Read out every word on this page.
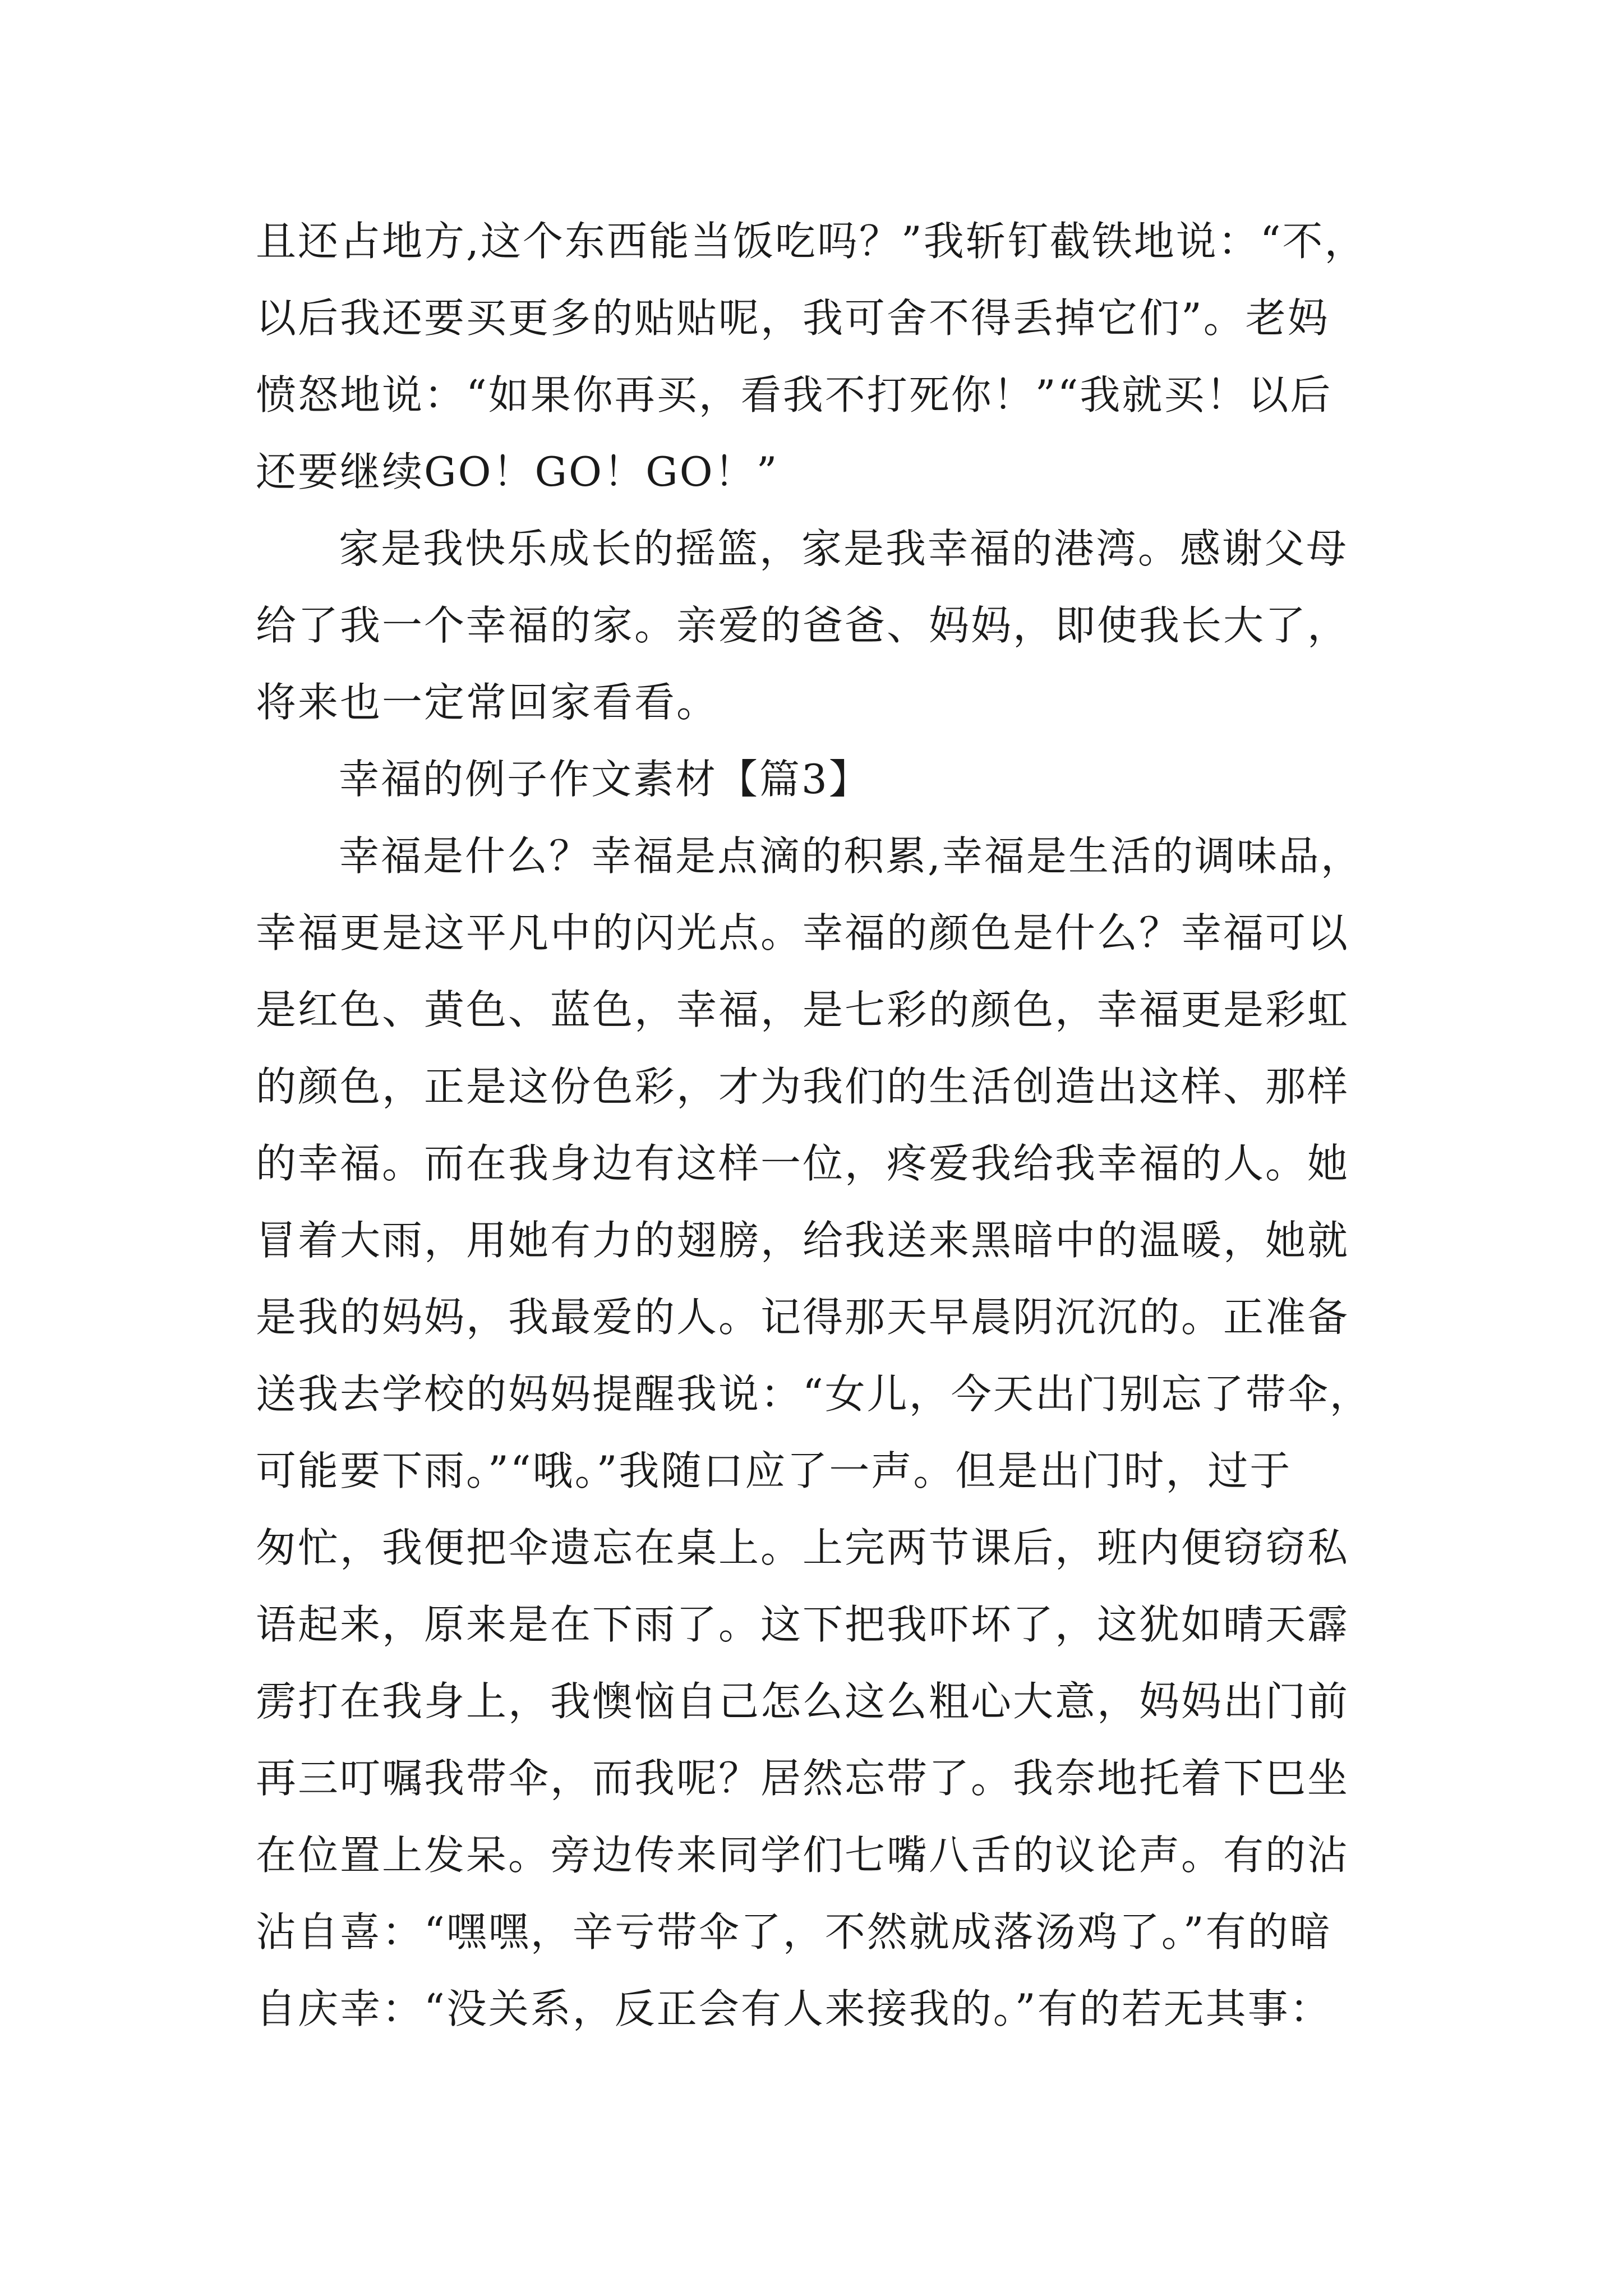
且还占地方,这个东西能当饭吃吗？”我斩钉截铁地说：“不，
以后我还要买更多的贴贴呢，我可舍不得丢掉它们”。老妈
愤怒地说：“如果你再买，看我不打死你！”“我就买！以后
还要继续GO！GO！GO！”
家是我快乐成长的摇篮，家是我幸福的港湾。感谢父母
给了我一个幸福的家。亲爱的爸爸、妈妈，即使我长大了，
将来也一定常回家看看。
幸福的例子作文素材【篇3】
幸福是什么？幸福是点滴的积累,幸福是生活的调味品，
幸福更是这平凡中的闪光点。幸福的颜色是什么？幸福可以
是红色、黄色、蓝色，幸福，是七彩的颜色，幸福更是彩虹
的颜色，正是这份色彩，才为我们的生活创造出这样、那样
的幸福。而在我身边有这样一位，疼爱我给我幸福的人。她
冒着大雨，用她有力的翅膀，给我送来黑暗中的温暖，她就
是我的妈妈，我最爱的人。记得那天早晨阴沉沉的。正准备
送我去学校的妈妈提醒我说：“女儿，今天出门别忘了带伞，
可能要下雨。”“哦。”我随口应了一声。但是出门时，过于
匆忙，我便把伞遗忘在桌上。上完两节课后，班内便窃窃私
语起来，原来是在下雨了。这下把我吓坏了，这犹如晴天霹
雳打在我身上，我懊恼自己怎么这么粗心大意，妈妈出门前
再三叮嘱我带伞，而我呢？居然忘带了。我奈地托着下巴坐
在位置上发呆。旁边传来同学们七嘴八舌的议论声。有的沾
沾自喜：“嘿嘿，辛亏带伞了，不然就成落汤鸡了。”有的暗
自庆幸：“没关系，反正会有人来接我的。”有的若无其事：
